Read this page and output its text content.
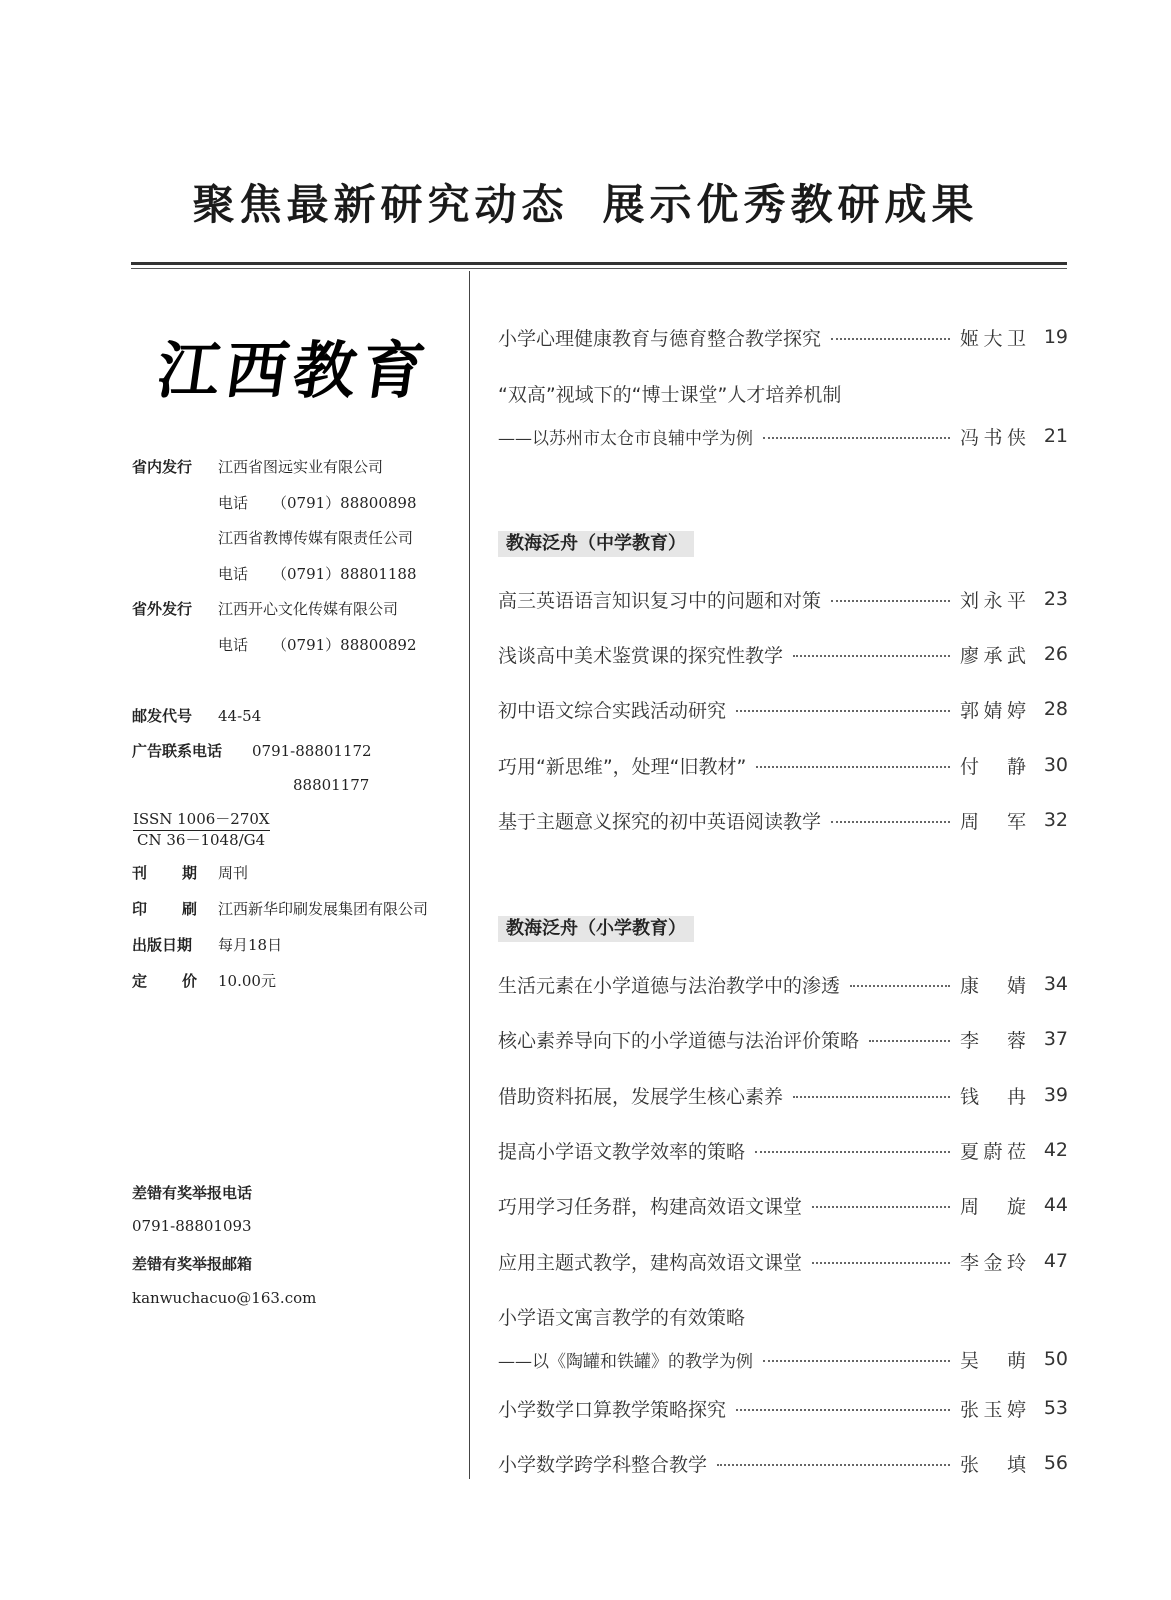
聚焦最新研究动态 展示优秀教研成果
江西教育
省内发行 江西省图远实业有限公司
电话 （0791）88800898
江西省教博传媒有限责任公司
电话 （0791）88801188
省外发行 江西开心文化传媒有限公司
电话 （0791）88800892
邮发代号 44-54
广告联系电话 0791-88801172
88801177
ISSN 1006－270X
CN 36－1048/G4
刊 期 周刊
印 刷 江西新华印刷发展集团有限公司
出版日期 每月18日
定 价 10.00元
差错有奖举报电话
0791-88801093
差错有奖举报邮箱
kanwuchacuo@163.com
小学心理健康教育与德育整合教学探究	姬大卫 19
“双高”视域下的“博士课堂”人才培养机制
——以苏州市太仓市良辅中学为例	冯书侠 21
教海泛舟（中学教育）
高三英语语言知识复习中的问题和对策	刘永平 23
浅谈高中美术鉴赏课的探究性教学	廖承武 26
初中语文综合实践活动研究	郭婧婷 28
巧用“新思维”，处理“旧教材”	付　静 30
基于主题意义探究的初中英语阅读教学	周　军 32
教海泛舟（小学教育）
生活元素在小学道德与法治教学中的渗透	康　婧 34
核心素养导向下的小学道德与法治评价策略	李　蓉 37
借助资料拓展，发展学生核心素养	钱　冉 39
提高小学语文教学效率的策略	夏蔚莅 42
巧用学习任务群，构建高效语文课堂	周　旋 44
应用主题式教学，建构高效语文课堂	李金玲 47
小学语文寓言教学的有效策略
——以《陶罐和铁罐》的教学为例	吴　萌 50
小学数学口算教学策略探究	张玉婷 53
小学数学跨学科整合教学	张　填 56
